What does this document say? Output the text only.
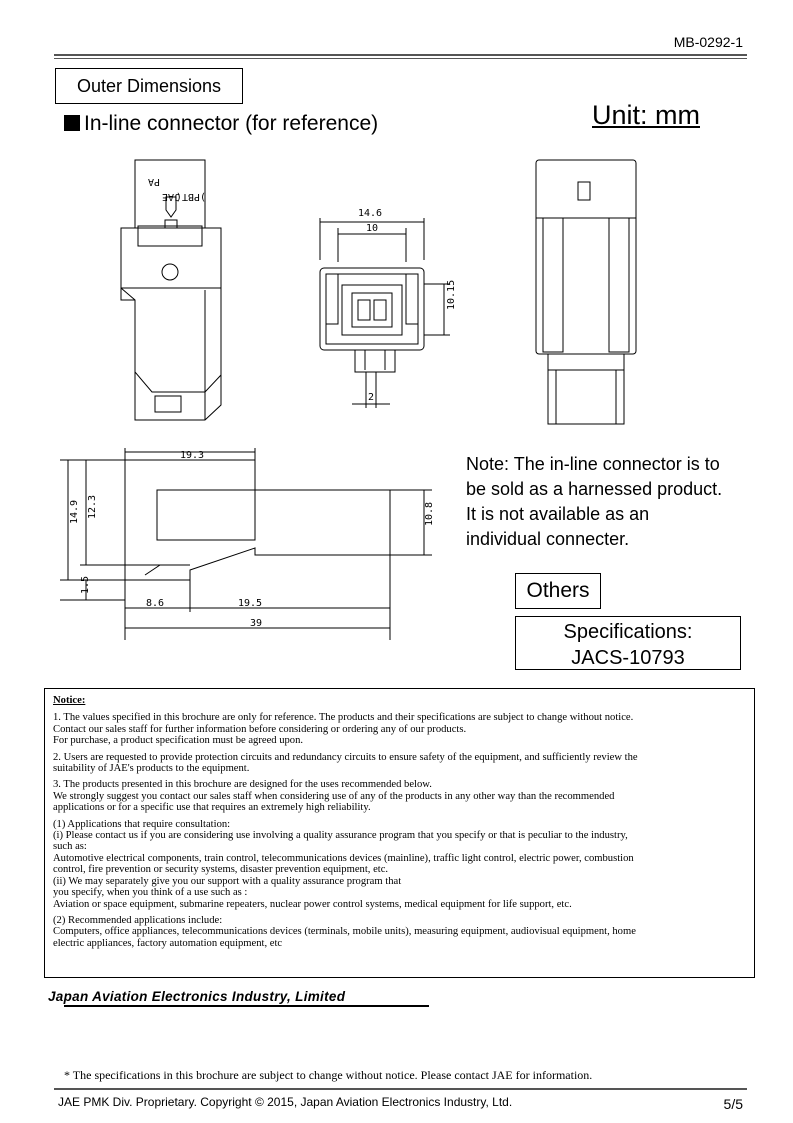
MB-0292-1
Outer Dimensions
In-line connector (for reference)	Unit: mm
PA
JAE
)PBT(
14.6
10
10.15
2
19.3
14.9 12.3	10.8
1.5
8.6	19.5
39
Note: The in-line connector is to
be sold as a harnessed product.
It is not available as an
individual connecter.
Others
Specifications:
JACS-10793
Notice:

1. The values specified in this brochure are only for reference. The products and their specifications are subject to change without notice.
Contact our sales staff for further information before considering or ordering any of our products.
For purchase, a product specification must be agreed upon.

2. Users are requested to provide protection circuits and redundancy circuits to ensure safety of the equipment, and sufficiently review the
suitability of JAE's products to the equipment.

3. The products presented in this brochure are designed for the uses recommended below.
We strongly suggest you contact our sales staff when considering use of any of the products in any other way than the recommended
applications or for a specific use that requires an extremely high reliability.

(1) Applications that require consultation:
(i) Please contact us if you are considering use involving a quality assurance program that you specify or that is peculiar to the industry,
such as:
Automotive electrical components, train control, telecommunications devices (mainline), traffic light control, electric power, combustion
control, fire prevention or security systems, disaster prevention equipment, etc.
(ii) We may separately give you our support with a quality assurance program that
you specify, when you think of a use such as :
Aviation or space equipment, submarine repeaters, nuclear power control systems, medical equipment for life support, etc.

(2) Recommended applications include:
Computers, office appliances, telecommunications devices (terminals, mobile units), measuring equipment, audiovisual equipment, home
electric appliances, factory automation equipment, etc

Japan Aviation Electronics Industry, Limited
* The specifications in this brochure are subject to change without notice. Please contact JAE for information.
JAE PMK Div. Proprietary. Copyright © 2015, Japan Aviation Electronics Industry, Ltd.	5/5
